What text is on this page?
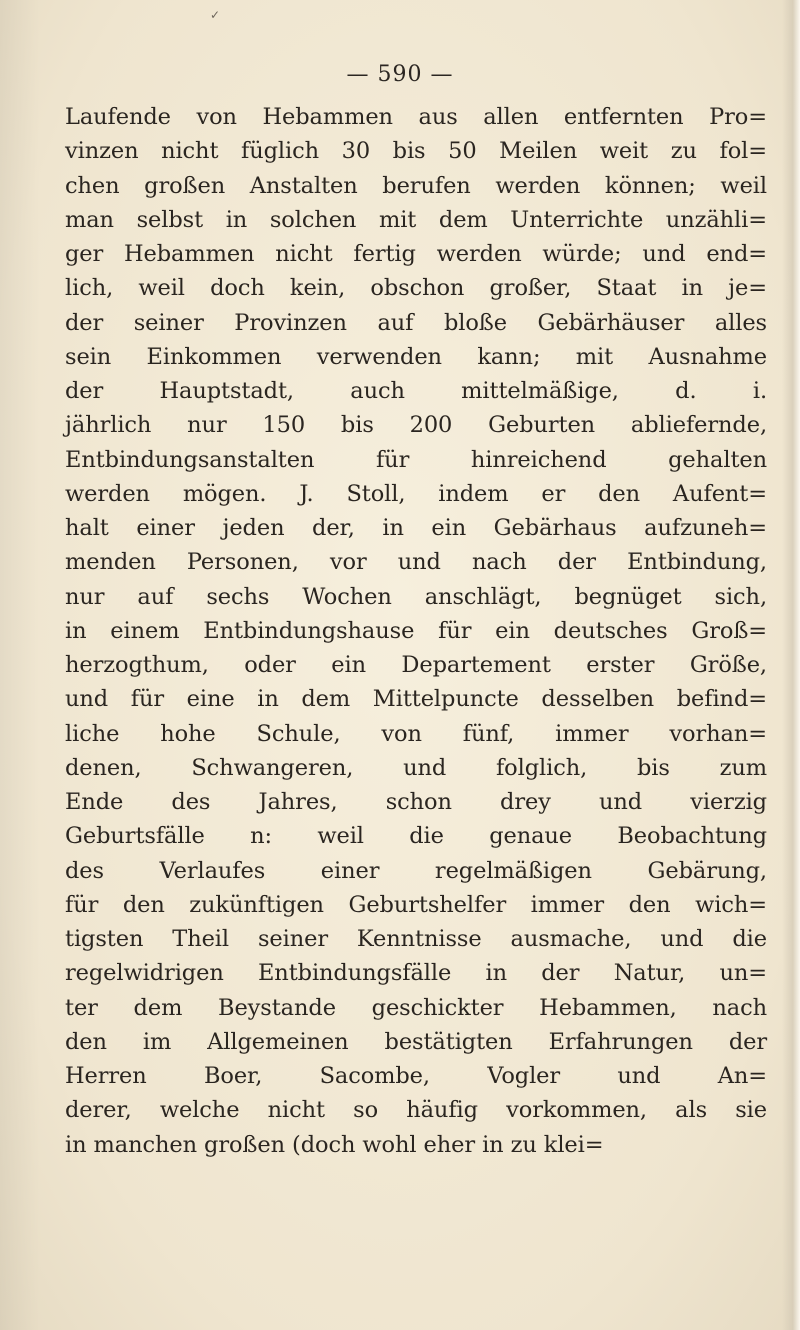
✓
— 590 —
Laufende von Hebammen aus allen entfernten Pro=
vinzen nicht füglich 30 bis 50 Meilen weit zu fol=
chen großen Anstalten berufen werden können; weil
man selbst in solchen mit dem Unterrichte unzähli=
ger Hebammen nicht fertig werden würde; und end=
lich, weil doch kein, obschon großer, Staat in je=
der seiner Provinzen auf bloße Gebärhäuser alles
sein Einkommen verwenden kann; mit Ausnahme
der Hauptstadt, auch mittelmäßige, d. i.
jährlich nur 150 bis 200 Geburten abliefernde,
Entbindungsanstalten für hinreichend gehalten
werden mögen. J. Stoll, indem er den Aufent=
halt einer jeden der, in ein Gebärhaus aufzuneh=
menden Personen, vor und nach der Entbindung,
nur auf sechs Wochen anschlägt, begnüget sich,
in einem Entbindungshause für ein deutsches Groß=
herzogthum, oder ein Departement erster Größe,
und für eine in dem Mittelpuncte desselben befind=
liche hohe Schule, von fünf, immer vorhan=
denen, Schwangeren, und folglich, bis zum
Ende des Jahres, schon drey und vierzig
Geburtsfälle n: weil die genaue Beobachtung
des Verlaufes einer regelmäßigen Gebärung,
für den zukünftigen Geburtshelfer immer den wich=
tigsten Theil seiner Kenntnisse ausmache, und die
regelwidrigen Entbindungsfälle in der Natur, un=
ter dem Beystande geschickter Hebammen, nach
den im Allgemeinen bestätigten Erfahrungen der
Herren Boer, Sacombe, Vogler und An=
derer, welche nicht so häufig vorkommen, als sie
in manchen großen (doch wohl eher in zu klei=
